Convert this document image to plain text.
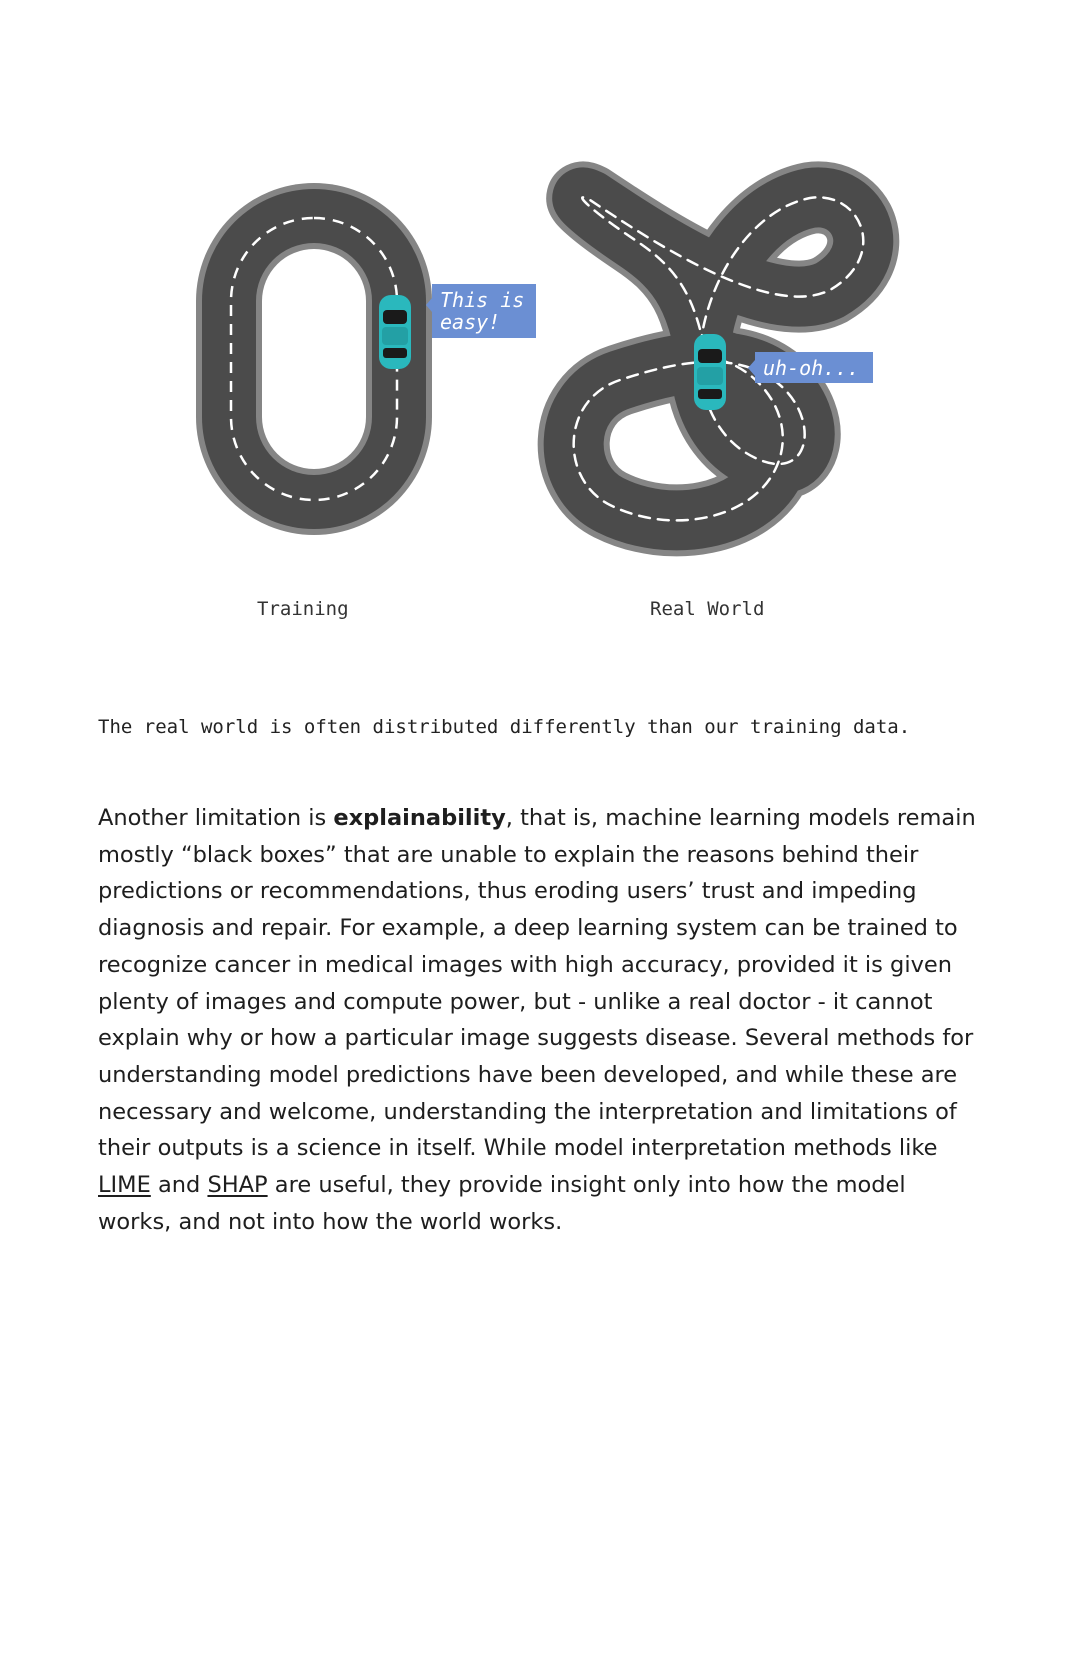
This is
easy!
uh-oh...
Training	Real World
The real world is often distributed differently than our training data.

Another limitation is explainability, that is, machine learning models remain mostly “black boxes” that are unable to explain the reasons behind their predictions or recommendations, thus eroding users’ trust and impeding diagnosis and repair. For example, a deep learning system can be trained to recognize cancer in medical images with high accuracy, provided it is given plenty of images and compute power, but - unlike a real doctor - it cannot explain why or how a particular image suggests disease. Several methods for understanding model predictions have been developed, and while these are necessary and welcome, understanding the interpretation and limitations of their outputs is a science in itself. While model interpretation methods like LIME and SHAP are useful, they provide insight only into how the model works, and not into how the world works.
